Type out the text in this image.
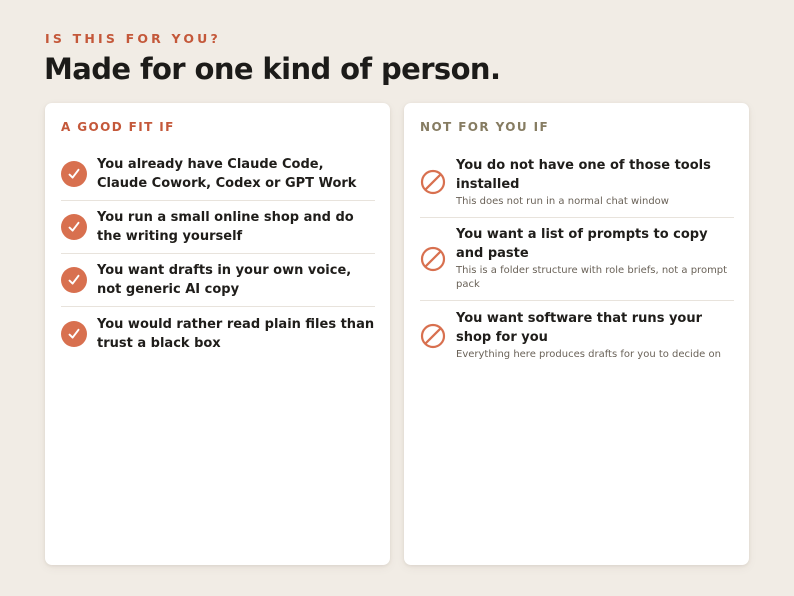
IS THIS FOR YOU?
Made for one kind of person.
A GOOD FIT IF
You already have Claude Code, Claude Cowork, Codex or GPT Work
You run a small online shop and do the writing yourself
You want drafts in your own voice, not generic AI copy
You would rather read plain files than trust a black box
NOT FOR YOU IF
You do not have one of those tools installed
This does not run in a normal chat window
You want a list of prompts to copy and paste
This is a folder structure with role briefs, not a prompt pack
You want software that runs your shop for you
Everything here produces drafts for you to decide on
